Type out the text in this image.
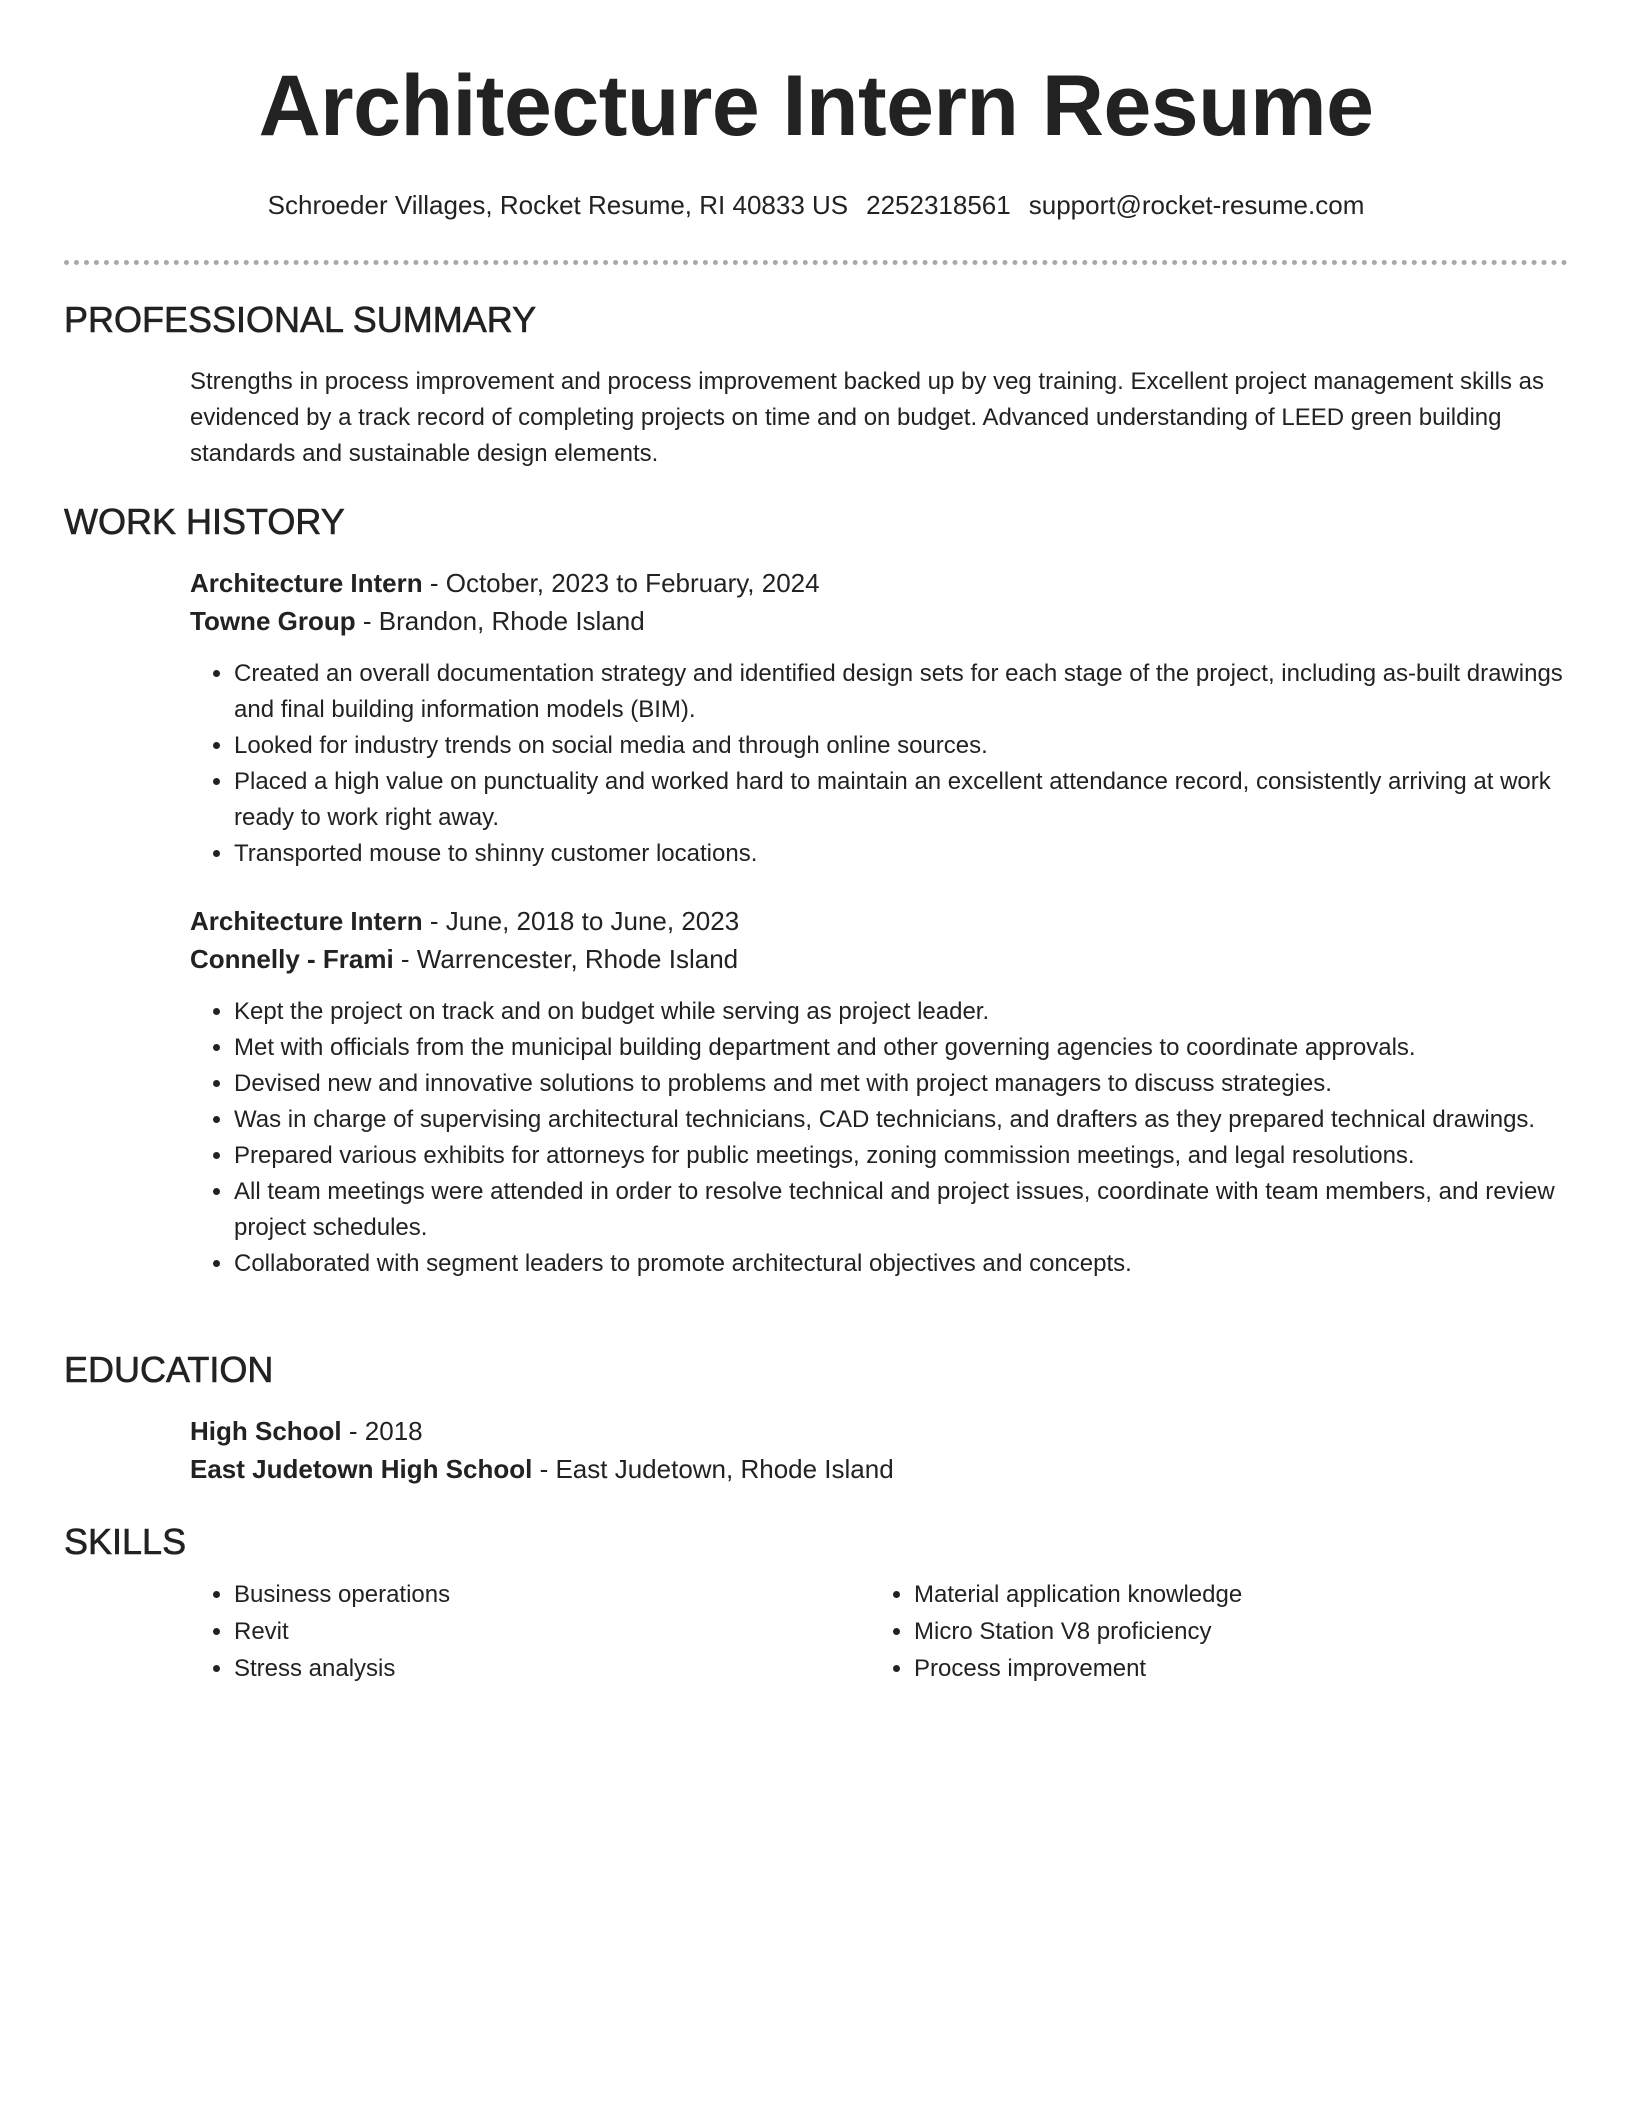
Architecture Intern Resume
Schroeder Villages, Rocket Resume, RI 40833 US 2252318561 support@rocket-resume.com
PROFESSIONAL SUMMARY
Strengths in process improvement and process improvement backed up by veg training. Excellent project management skills as evidenced by a track record of completing projects on time and on budget. Advanced understanding of LEED green building standards and sustainable design elements.
WORK HISTORY
Architecture Intern - October, 2023 to February, 2024
Towne Group - Brandon, Rhode Island
• Created an overall documentation strategy and identified design sets for each stage of the project, including as-built drawings and final building information models (BIM).
• Looked for industry trends on social media and through online sources.
• Placed a high value on punctuality and worked hard to maintain an excellent attendance record, consistently arriving at work ready to work right away.
• Transported mouse to shinny customer locations.
Architecture Intern - June, 2018 to June, 2023
Connelly - Frami - Warrencester, Rhode Island
• Kept the project on track and on budget while serving as project leader.
• Met with officials from the municipal building department and other governing agencies to coordinate approvals.
• Devised new and innovative solutions to problems and met with project managers to discuss strategies.
• Was in charge of supervising architectural technicians, CAD technicians, and drafters as they prepared technical drawings.
• Prepared various exhibits for attorneys for public meetings, zoning commission meetings, and legal resolutions.
• All team meetings were attended in order to resolve technical and project issues, coordinate with team members, and review project schedules.
• Collaborated with segment leaders to promote architectural objectives and concepts.
EDUCATION
High School - 2018
East Judetown High School - East Judetown, Rhode Island
SKILLS
• Business operations
• Revit
• Stress analysis
• Material application knowledge
• Micro Station V8 proficiency
• Process improvement
